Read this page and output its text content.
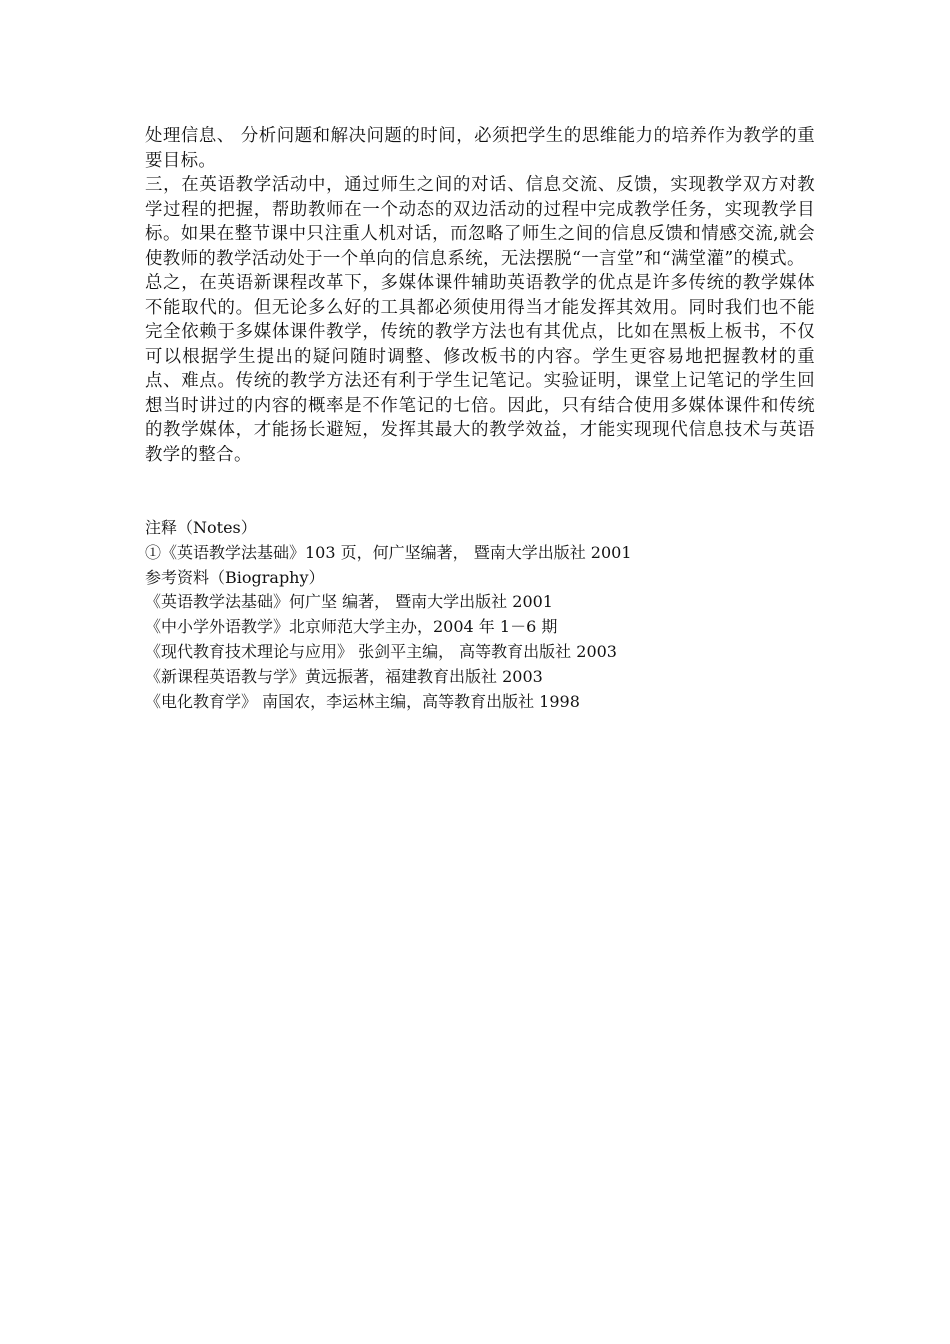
处理信息、 分析问题和解决问题的时间，必须把学生的思维能力的培养作为教学的重要目标。

三，在英语教学活动中，通过师生之间的对话、信息交流、反馈，实现教学双方对教学过程的把握，帮助教师在一个动态的双边活动的过程中完成教学任务，实现教学目标。如果在整节课中只注重人机对话，而忽略了师生之间的信息反馈和情感交流,就会使教师的教学活动处于一个单向的信息系统，无法摆脱“一言堂”和“满堂灌”的模式。

总之，在英语新课程改革下，多媒体课件辅助英语教学的优点是许多传统的教学媒体不能取代的。但无论多么好的工具都必须使用得当才能发挥其效用。同时我们也不能完全依赖于多媒体课件教学，传统的教学方法也有其优点，比如在黑板上板书，不仅可以根据学生提出的疑问随时调整、修改板书的内容。学生更容易地把握教材的重点、难点。传统的教学方法还有利于学生记笔记。实验证明，课堂上记笔记的学生回想当时讲过的内容的概率是不作笔记的七倍。因此，只有结合使用多媒体课件和传统的教学媒体，才能扬长避短，发挥其最大的教学效益，才能实现现代信息技术与英语教学的整合。

注释（Notes）

①《英语教学法基础》103 页，何广坚编著， 暨南大学出版社 2001

参考资料（Biography）

《英语教学法基础》何广坚 编著， 暨南大学出版社 2001

《中小学外语教学》北京师范大学主办，2004 年 1－6 期

《现代教育技术理论与应用》 张剑平主编， 高等教育出版社 2003

《新课程英语教与学》黄远振著，福建教育出版社 2003

《电化教育学》 南国农，李运林主编，高等教育出版社 1998
